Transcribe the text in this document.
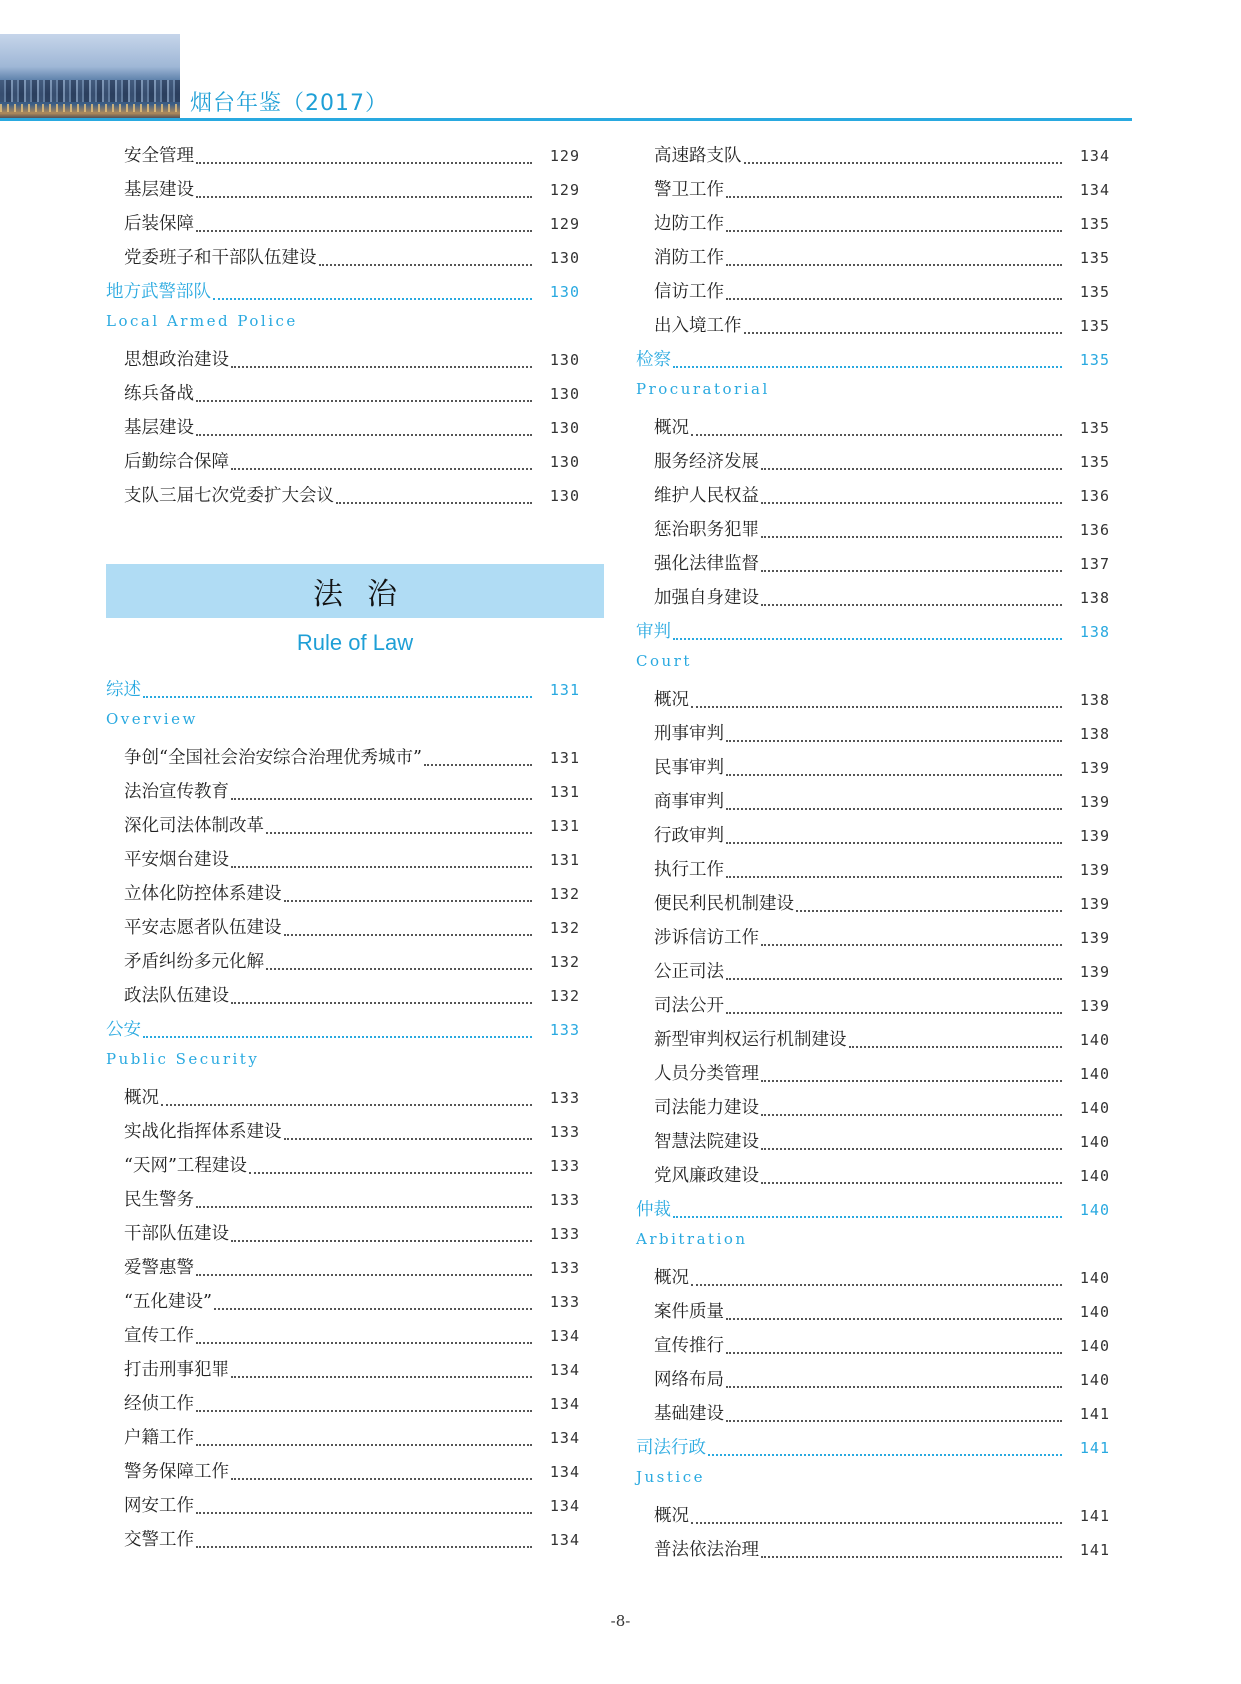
烟台年鉴（2017）
安全管理	129
基层建设	129
后装保障	129
党委班子和干部队伍建设	130
地方武警部队	130
Local Armed Police
思想政治建设	130
练兵备战	130
基层建设	130
后勤综合保障	130
支队三届七次党委扩大会议	130
法治
Rule of Law
综述	131
Overview
争创“全国社会治安综合治理优秀城市”	131
法治宣传教育	131
深化司法体制改革	131
平安烟台建设	131
立体化防控体系建设	132
平安志愿者队伍建设	132
矛盾纠纷多元化解	132
政法队伍建设	132
公安	133
Public Security
概况	133
实战化指挥体系建设	133
“天网”工程建设	133
民生警务	133
干部队伍建设	133
爱警惠警	133
“五化建设”	133
宣传工作	134
打击刑事犯罪	134
经侦工作	134
户籍工作	134
警务保障工作	134
网安工作	134
交警工作	134
高速路支队	134
警卫工作	134
边防工作	135
消防工作	135
信访工作	135
出入境工作	135
检察	135
Procuratorial
概况	135
服务经济发展	135
维护人民权益	136
惩治职务犯罪	136
强化法律监督	137
加强自身建设	138
审判	138
Court
概况	138
刑事审判	138
民事审判	139
商事审判	139
行政审判	139
执行工作	139
便民利民机制建设	139
涉诉信访工作	139
公正司法	139
司法公开	139
新型审判权运行机制建设	140
人员分类管理	140
司法能力建设	140
智慧法院建设	140
党风廉政建设	140
仲裁	140
Arbitration
概况	140
案件质量	140
宣传推行	140
网络布局	140
基础建设	141
司法行政	141
Justice
概况	141
普法依法治理	141
-8-
